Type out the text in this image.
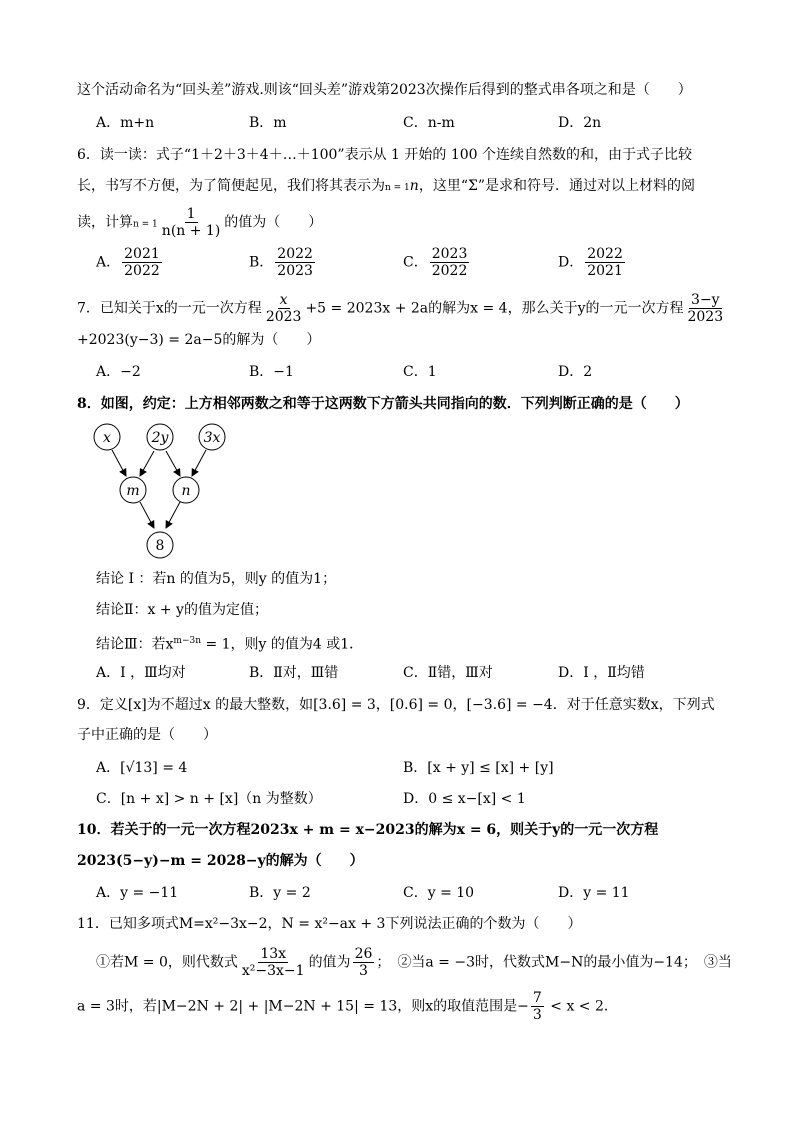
这个活动命名为“回头差”游戏.则该“回头差”游戏第2023次操作后得到的整式串各项之和是（　　）
A．m+n	B．m	C．n-m	D．2n
6．读一读：式子“1＋2＋3＋4＋…＋100”表示从 1 开始的 100 个连续自然数的和，由于式子比较
长，书写不方便，为了简便起见，我们将其表示为n = 1n，这里“Σ”是求和符号．通过对以上材料的阅
读，计算$n = 1 \frac{1}{n(n + 1)}$ 的值为（　　）
A． $\frac{2021}{2022}$	B． $\frac{2022}{2023}$	C． $\frac{2023}{2022}$	D． $\frac{2022}{2021}$
7．已知关于x的一元一次方程 $\frac{x}{2023} +5 = 2023x + 2a$的解为x = 4，那么关于y的一元一次方程 $\frac{3-y}{2023}$
+2023(y−3) = 2a−5的解为（　　）
A．−2	B．−1	C．1	D．2
8．如图，约定：上方相邻两数之和等于这两数下方箭头共同指向的数．下列判断正确的是（　　）
x	2y	3x
m	n
8
结论 Ⅰ ：若n 的值为5，则y 的值为1；
结论Ⅱ：x + y的值为定值；
结论Ⅲ：若$x^{m-3n} = 1$，则y 的值为4 或1．
A．Ⅰ ，Ⅲ均对	B．Ⅱ对，Ⅲ错	C．Ⅱ错，Ⅲ对	D．Ⅰ ，Ⅱ均错
9．定义[x]为不超过x 的最大整数，如[3.6] = 3，[0.6] = 0，[−3.6] = −4．对于任意实数x，下列式
子中正确的是（　　）
A．[√13] = 4	B．[x + y] ≤ [x] + [y]
C．[n + x] > n + [x]（n 为整数）	D．0 ≤ x−[x] < 1
10．若关于的一元一次方程2023x + m = x−2023的解为x = 6，则关于y的一元一次方程
2023(5−y)−m = 2028−y的解为（　　）
A．y = −11	B．y = 2	C．y = 10	D．y = 11
11．已知多项式M=x²−3x−2，N = x²−ax + 3下列说法正确的个数为（　　）
①若M = 0，则代数式 $\frac{13x}{\text{x²−3x−1}}$ 的值为 $\frac{26}{3}$ ；　②当a = −3时，代数式M−N的最小值为−14；　③当
a = 3时，若|M−2N + 2| + |M−2N + 15| = 13，则x的取值范围是− $\frac{7}{3} < x < 2$．
